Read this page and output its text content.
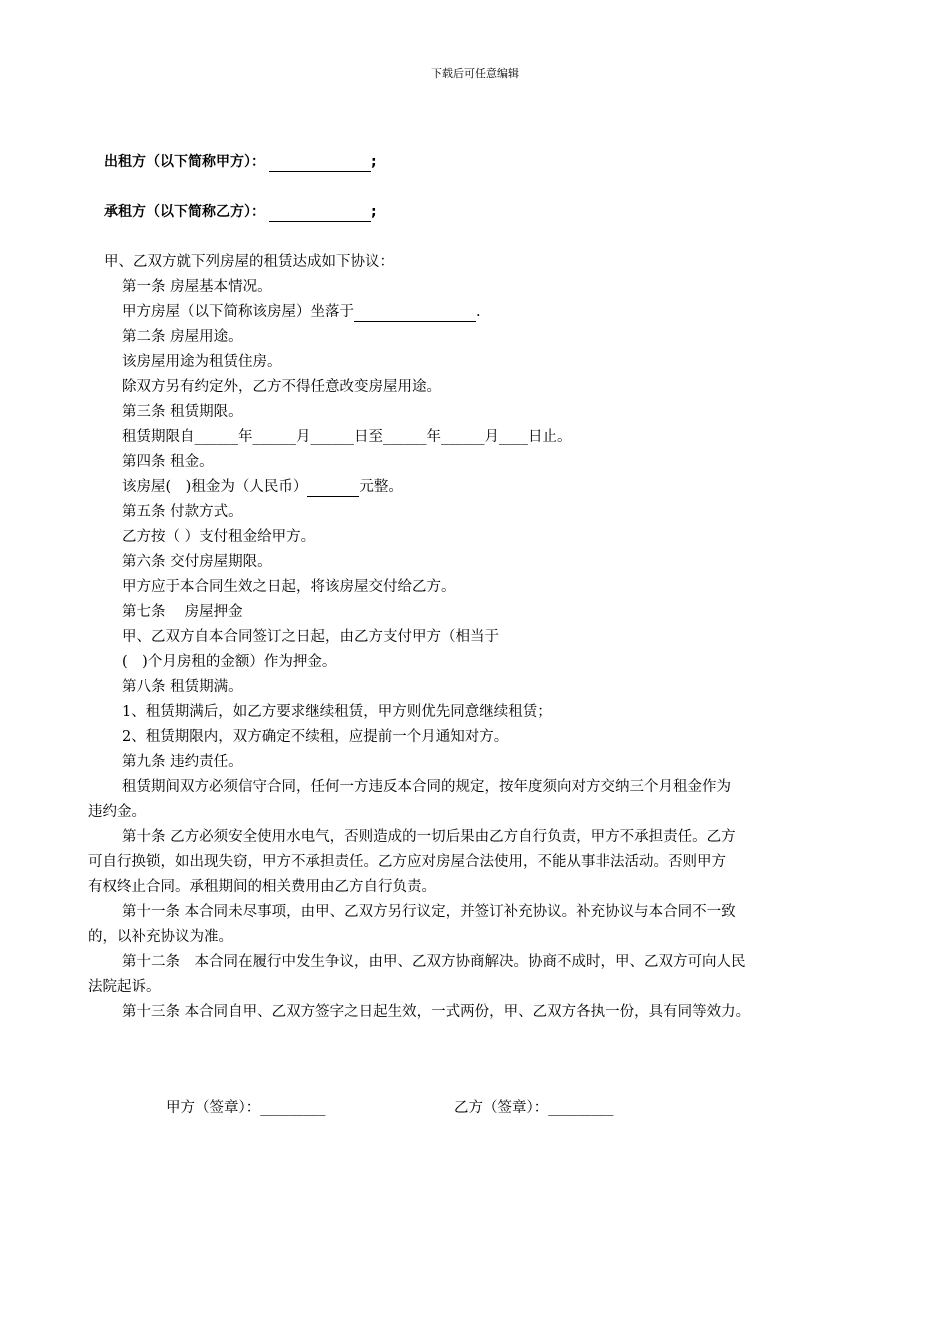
下载后可任意编辑
出租方（以下简称甲方）：	;
承租方（以下简称乙方）：	;
甲、乙双方就下列房屋的租赁达成如下协议：
第一条 房屋基本情况。
甲方房屋（以下简称该房屋）坐落于	.
第二条 房屋用途。
该房屋用途为租赁住房。
除双方另有约定外，乙方不得任意改变房屋用途。
第三条 租赁期限。
租赁期限自______年______月______日至______年______月____日止。
第四条 租金。
该房屋(　)租金为（人民币）	元整。
第五条 付款方式。
乙方按（ ）支付租金给甲方。
第六条 交付房屋期限。
甲方应于本合同生效之日起，将该房屋交付给乙方。
第七条　 房屋押金
甲、乙双方自本合同签订之日起，由乙方支付甲方（相当于
(　)个月房租的金额）作为押金。
第八条 租赁期满。
1、租赁期满后，如乙方要求继续租赁，甲方则优先同意继续租赁；
2、租赁期限内，双方确定不续租，应提前一个月通知对方。
第九条 违约责任。
租赁期间双方必须信守合同，任何一方违反本合同的规定，按年度须向对方交纳三个月租金作为
违约金。
第十条 乙方必须安全使用水电气，否则造成的一切后果由乙方自行负责，甲方不承担责任。乙方
可自行换锁，如出现失窃，甲方不承担责任。乙方应对房屋合法使用，不能从事非法活动。否则甲方
有权终止合同。承租期间的相关费用由乙方自行负责。
第十一条 本合同未尽事项，由甲、乙双方另行议定，并签订补充协议。补充协议与本合同不一致
的，以补充协议为准。
第十二条　本合同在履行中发生争议，由甲、乙双方协商解决。协商不成时，甲、乙双方可向人民
法院起诉。
第十三条 本合同自甲、乙双方签字之日起生效，一式两份，甲、乙双方各执一份，具有同等效力。
甲方（签章）：_________	乙方（签章）：_________
